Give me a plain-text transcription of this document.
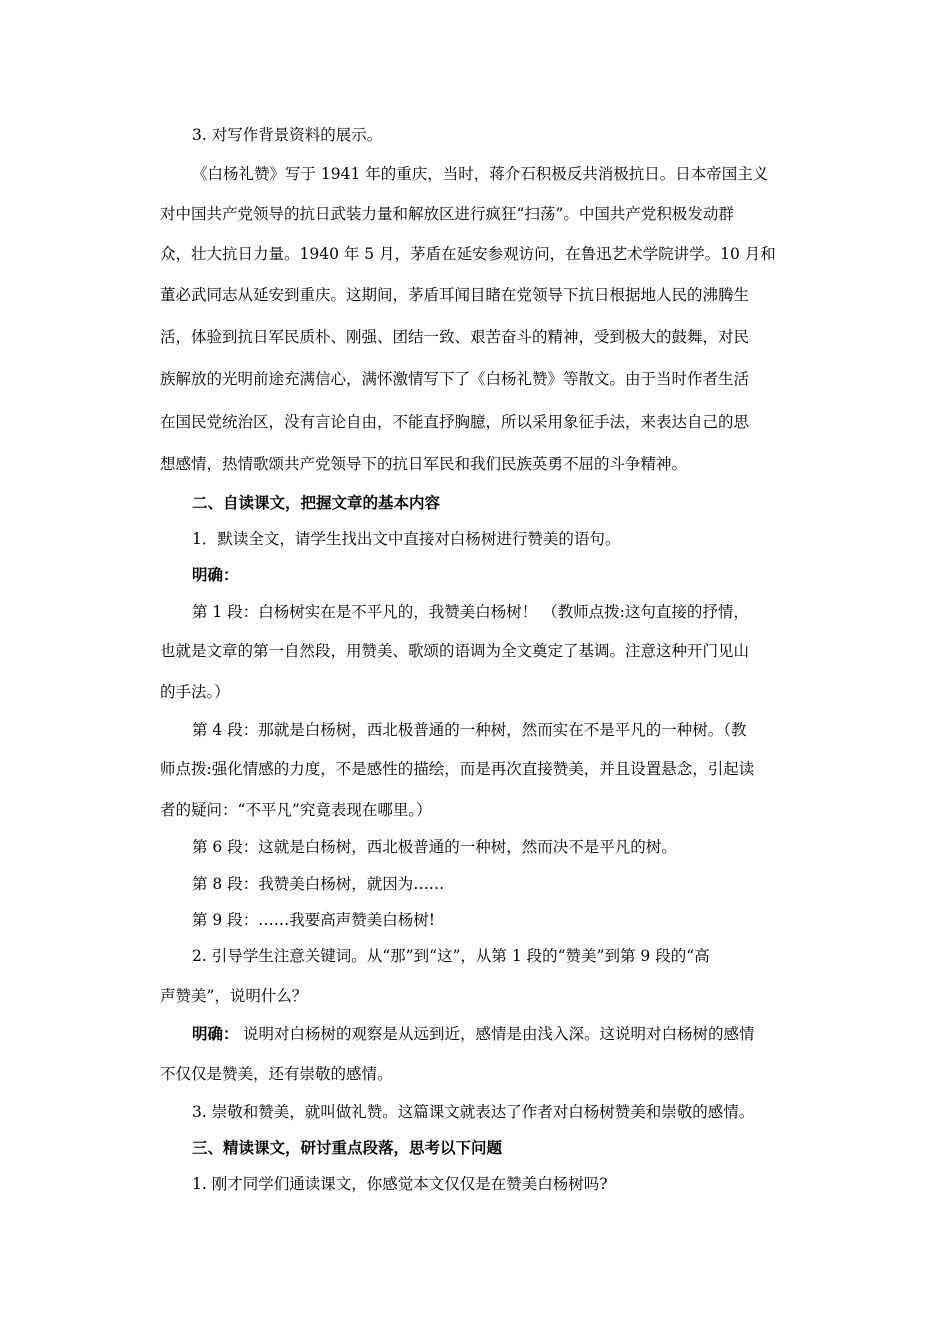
3. 对写作背景资料的展示。
《白杨礼赞》写于 1941 年的重庆，当时，蒋介石积极反共消极抗日。日本帝国主义
对中国共产党领导的抗日武装力量和解放区进行疯狂“扫荡”。中国共产党积极发动群
众，壮大抗日力量。1940 年 5 月，茅盾在延安参观访问，在鲁迅艺术学院讲学。10 月和
董必武同志从延安到重庆。这期间，茅盾耳闻目睹在党领导下抗日根据地人民的沸腾生
活，体验到抗日军民质朴、刚强、团结一致、艰苦奋斗的精神，受到极大的鼓舞，对民
族解放的光明前途充满信心，满怀激情写下了《白杨礼赞》等散文。由于当时作者生活
在国民党统治区，没有言论自由，不能直抒胸臆，所以采用象征手法，来表达自己的思
想感情，热情歌颂共产党领导下的抗日军民和我们民族英勇不屈的斗争精神。
二、自读课文，把握文章的基本内容
1．默读全文，请学生找出文中直接对白杨树进行赞美的语句。
明确：
第 1 段：白杨树实在是不平凡的，我赞美白杨树！ （教师点拨:这句直接的抒情，
也就是文章的第一自然段，用赞美、歌颂的语调为全文奠定了基调。注意这种开门见山
的手法。）
第 4 段：那就是白杨树，西北极普通的一种树，然而实在不是平凡的一种树。（教
师点拨:强化情感的力度，不是感性的描绘，而是再次直接赞美，并且设置悬念，引起读
者的疑问：“不平凡”究竟表现在哪里。）
第 6 段：这就是白杨树，西北极普通的一种树，然而决不是平凡的树。
第 8 段：我赞美白杨树，就因为……
第 9 段：……我要高声赞美白杨树!
2. 引导学生注意关键词。从“那”到“这”，从第 1 段的“赞美”到第 9 段的“高
声赞美”，说明什么？
明确： 说明对白杨树的观察是从远到近，感情是由浅入深。这说明对白杨树的感情
不仅仅是赞美，还有崇敬的感情。
3. 崇敬和赞美，就叫做礼赞。这篇课文就表达了作者对白杨树赞美和崇敬的感情。
三、精读课文，研讨重点段落，思考以下问题
1. 刚才同学们通读课文，你感觉本文仅仅是在赞美白杨树吗?
